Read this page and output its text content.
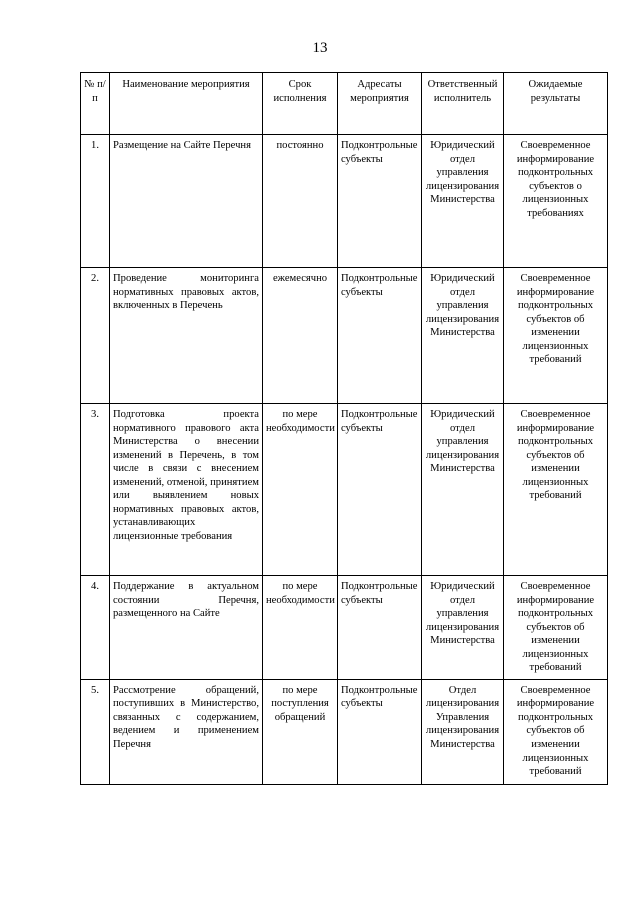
13
№ п/п	Наименование мероприятия	Срок исполнения	Адресаты мероприятия	Ответственный исполнитель	Ожидаемые результаты
1.	Размещение на Сайте Перечня	постоянно	Подконтрольные субъекты	Юридический отдел управления лицензирования Министерства	Своевременное информирование подконтрольных субъектов о лицензионных требованиях
2.	Проведение мониторинга нормативных правовых актов, включенных в Перечень	ежемесячно	Подконтрольные субъекты	Юридический отдел управления лицензирования Министерства	Своевременное информирование подконтрольных субъектов об изменении лицензионных требований
3.	Подготовка проекта нормативного правового акта Министерства о внесении изменений в Перечень, в том числе в связи с внесением изменений, отменой, принятием или выявлением новых нормативных правовых актов, устанавливающих лицензионные требования	по мере необходимости	Подконтрольные субъекты	Юридический отдел управления лицензирования Министерства	Своевременное информирование подконтрольных субъектов об изменении лицензионных требований
4.	Поддержание в актуальном состоянии Перечня, размещенного на Сайте	по мере необходимости	Подконтрольные субъекты	Юридический отдел управления лицензирования Министерства	Своевременное информирование подконтрольных субъектов об изменении лицензионных требований
5.	Рассмотрение обращений, поступивших в Министерство, связанных с содержанием, ведением и применением Перечня	по мере поступления обращений	Подконтрольные субъекты	Отдел лицензирования Управления лицензирования Министерства	Своевременное информирование подконтрольных субъектов об изменении лицензионных требований
